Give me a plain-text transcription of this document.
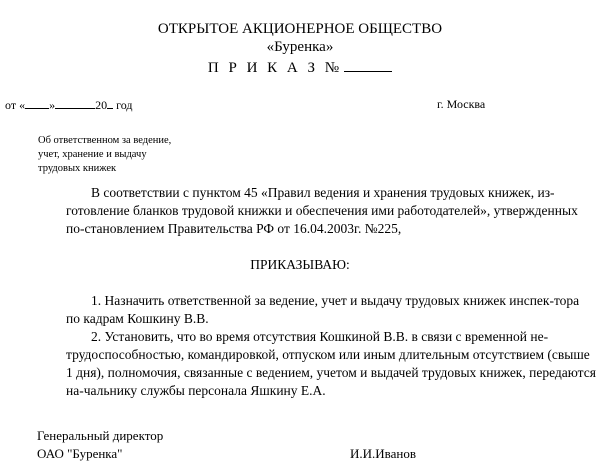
ОТКРЫТОЕ АКЦИОНЕРНОЕ ОБЩЕСТВО
«Буренка»
П Р И К А З №
от « »	20 год	г. Москва
Об ответственном за ведение,
учет, хранение и выдачу
трудовых книжек

В соответствии с пунктом 45 «Правил ведения и хранения трудовых книжек, из-готовление бланков трудовой книжки и обеспечения ими работодателей», утвержденных по-становлением Правительства РФ от 16.04.2003г. №225,

ПРИКАЗЫВАЮ:

1. Назначить ответственной за ведение, учет и выдачу трудовых книжек инспек-тора по кадрам Кошкину В.В.

2. Установить, что во время отсутствия Кошкиной В.В. в связи с временной не-трудоспособностью, командировкой, отпуском или иным длительным отсутствием (свыше 1 дня), полномочия, связанные с ведением, учетом и выдачей трудовых книжек, передаются на-чальнику службы персонала Яшкину Е.А.

Генеральный директор
ОАО "Буренка"	И.И.Иванов
